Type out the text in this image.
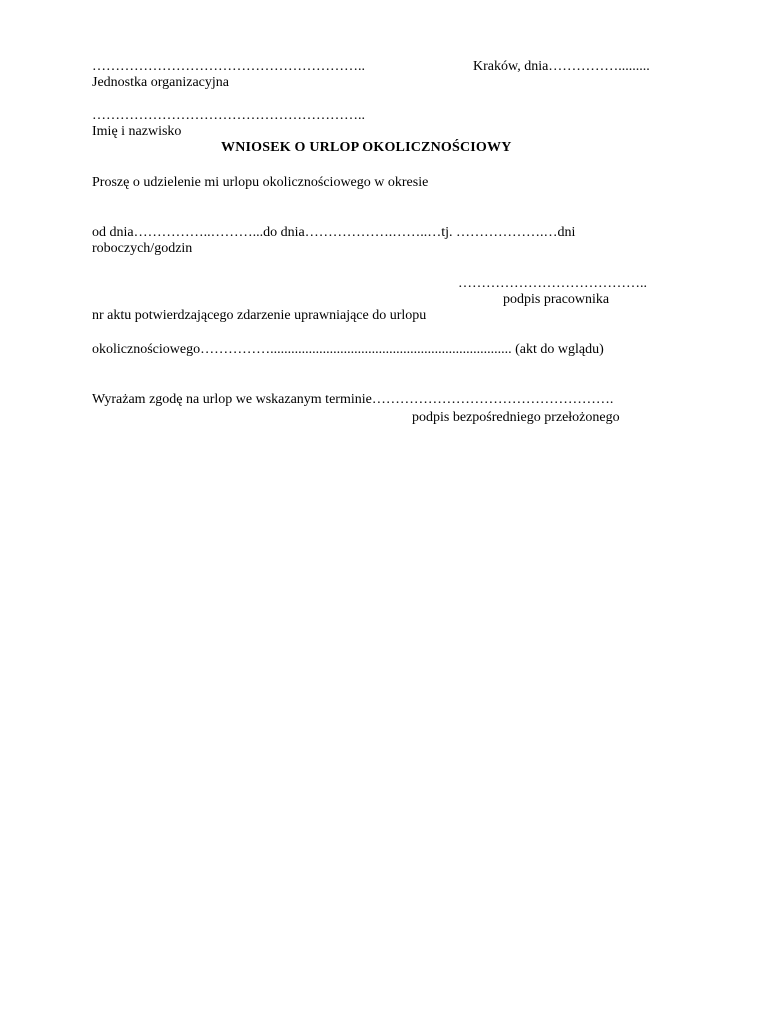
…………………………………………………..	Kraków, dnia…………….........
Jednostka organizacyjna
…………………………………………………..
Imię i nazwisko
WNIOSEK O URLOP OKOLICZNOŚCIOWY
Proszę o udzielenie mi urlopu okolicznościowego w okresie
od dnia……………..………...do dnia……………….……..…tj. ……………….…dni
roboczych/godzin
…………………………………..
podpis pracownika
nr aktu potwierdzającego zdarzenie uprawniające do urlopu
okolicznościowego……………..................................................................... (akt do wglądu)
Wyrażam zgodę na urlop we wskazanym terminie…………………………………………….
podpis bezpośredniego przełożonego
